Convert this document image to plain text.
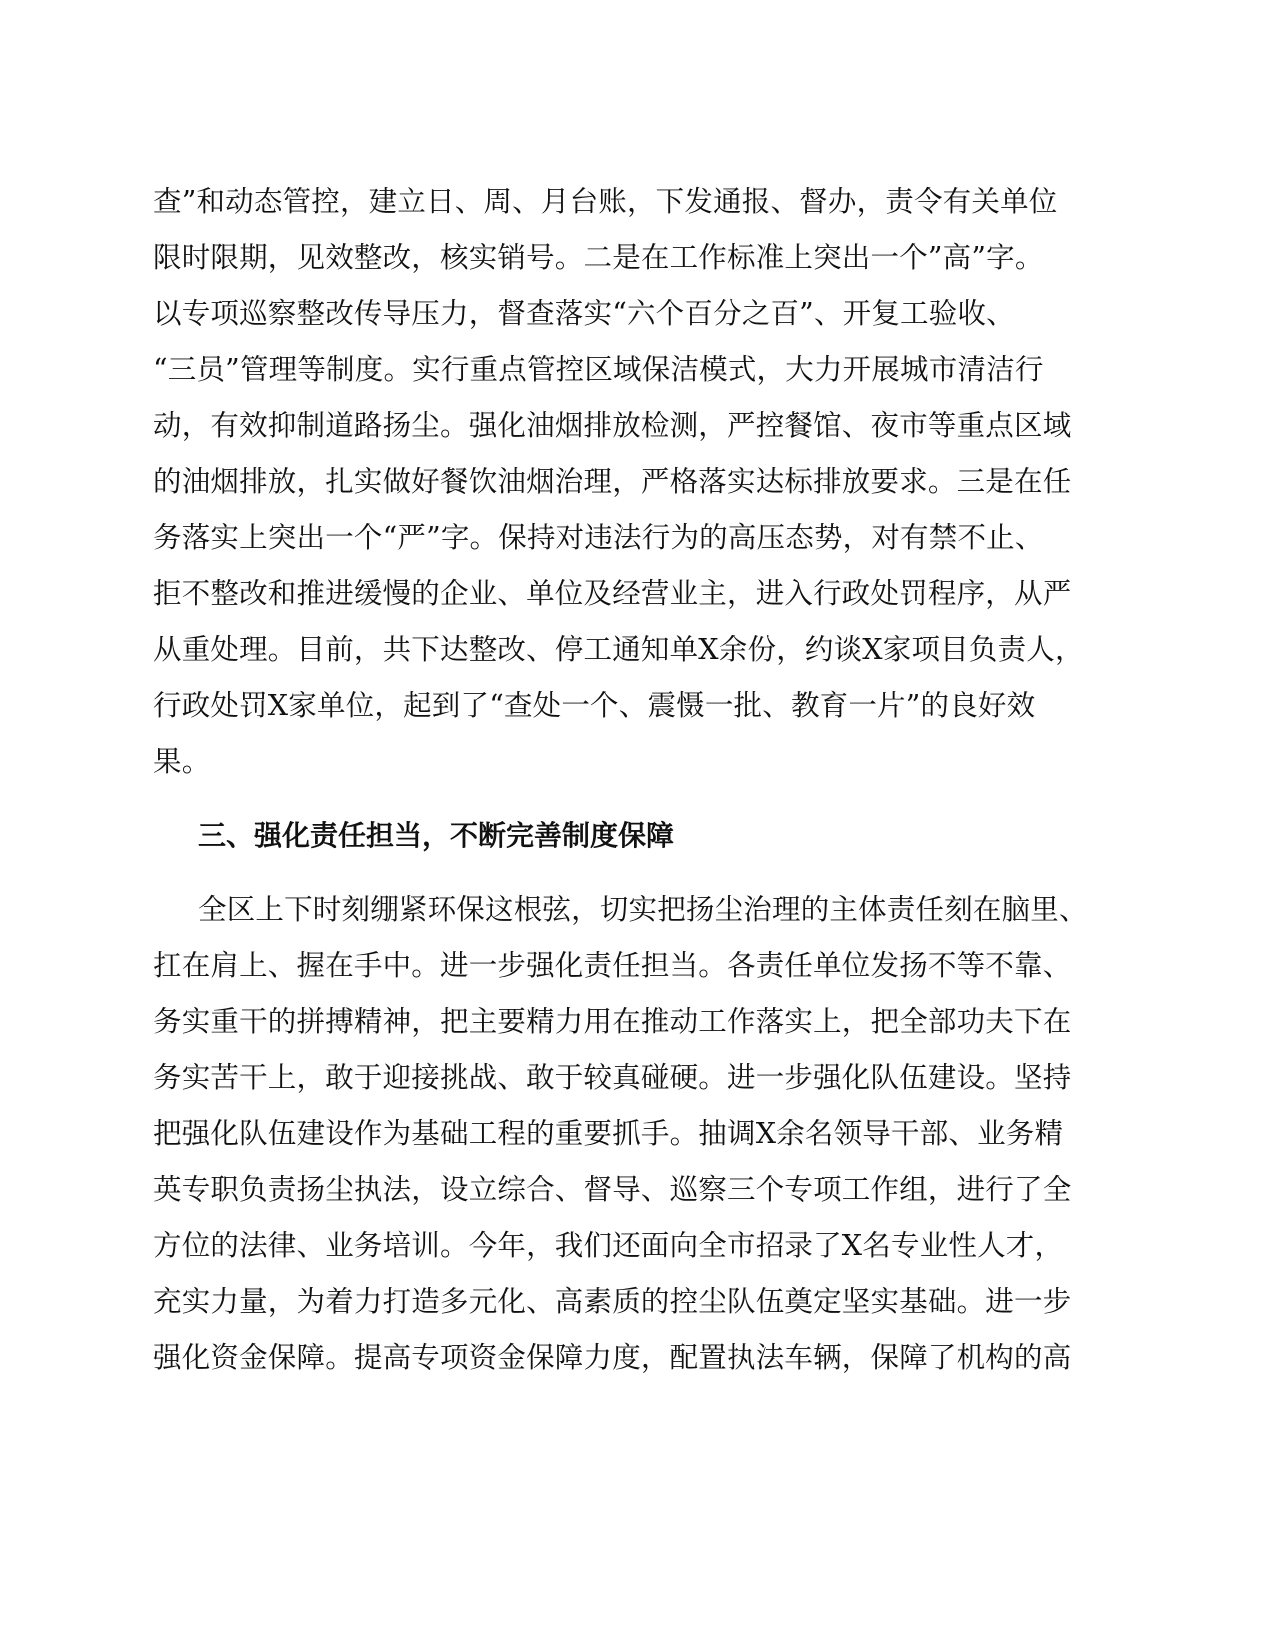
查”和动态管控，建立日、周、月台账，下发通报、督办，责令有关单位
限时限期，见效整改，核实销号。二是在工作标准上突出一个”高”字。
以专项巡察整改传导压力，督查落实“六个百分之百”、开复工验收、
“三员”管理等制度。实行重点管控区域保洁模式，大力开展城市清洁行
动，有效抑制道路扬尘。强化油烟排放检测，严控餐馆、夜市等重点区域
的油烟排放，扎实做好餐饮油烟治理，严格落实达标排放要求。三是在任
务落实上突出一个“严”字。保持对违法行为的高压态势，对有禁不止、
拒不整改和推进缓慢的企业、单位及经营业主，进入行政处罚程序，从严
从重处理。目前，共下达整改、停工通知单X余份，约谈X家项目负责人，
行政处罚X家单位，起到了“查处一个、震慑一批、教育一片”的良好效
果。
三、强化责任担当，不断完善制度保障
全区上下时刻绷紧环保这根弦，切实把扬尘治理的主体责任刻在脑里、
扛在肩上、握在手中。进一步强化责任担当。各责任单位发扬不等不靠、
务实重干的拼搏精神，把主要精力用在推动工作落实上，把全部功夫下在
务实苦干上，敢于迎接挑战、敢于较真碰硬。进一步强化队伍建设。坚持
把强化队伍建设作为基础工程的重要抓手。抽调X余名领导干部、业务精
英专职负责扬尘执法，设立综合、督导、巡察三个专项工作组，进行了全
方位的法律、业务培训。今年，我们还面向全市招录了X名专业性人才，
充实力量，为着力打造多元化、高素质的控尘队伍奠定坚实基础。进一步
强化资金保障。提高专项资金保障力度，配置执法车辆，保障了机构的高
